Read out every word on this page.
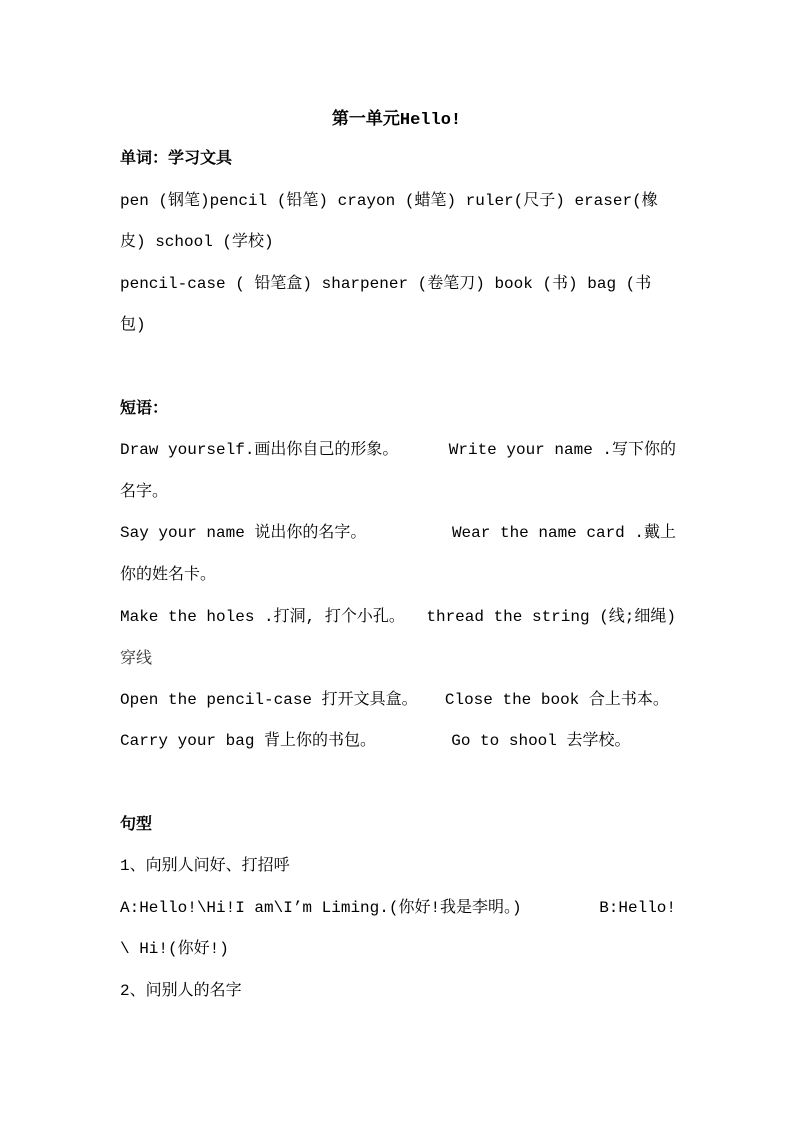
第一单元Hello!
单词：学习文具
pen (钢笔)pencil (铅笔) crayon (蜡笔) ruler(尺子) eraser(橡
皮) school (学校)
pencil-case ( 铅笔盒) sharpener (卷笔刀) book (书) bag (书
包)
短语：
Draw yourself.画出你自己的形象。	Write your name .写下你的
名字。
Say your name 说出你的名字。	Wear the name card .戴上
你的姓名卡。
Make the holes .打洞, 打个小孔。 thread the string (线;细绳)
穿线
Open the pencil-case 打开文具盒。 Close the book 合上书本。
Carry your bag 背上你的书包。	Go to shool 去学校。
句型
1、向别人问好、打招呼
A:Hello!\Hi!I am\I’m Liming.(你好!我是李明。)	B:Hello!
\ Hi!(你好!)
2、问别人的名字
